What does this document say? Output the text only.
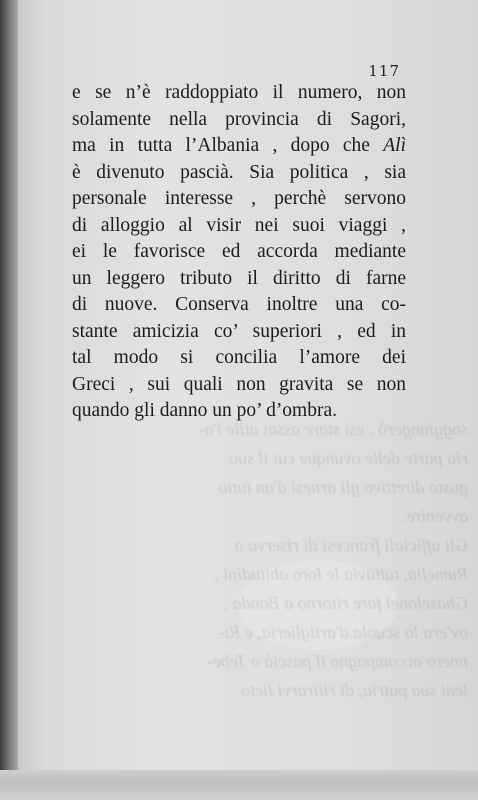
soggiungerò , esi stare assai utile l'a-
rla parte delle ovunque cui il suo
gusto direttivo gli arnesi d'un tutto
avvenire.
Gli ufficiali francesi di riserva a
Rumelia, tuttavia le loro abitudini ,
Ghaselonel fare ritorno a Bonda ,
ov'era lo scuola d'artiglieria, e Ri-
nnero accompagno il pascià a Tebe-
leni sua patria, di ritirarvi lieto
117
e se n’è raddoppiato il numero, non
solamente nella provincia di Sagori,
ma in tutta l’Albania , dopo che Alì
è divenuto pascià. Sia politica , sia
personale interesse , perchè servono
di alloggio al visir nei suoi viaggi ,
ei le favorisce ed accorda mediante
un leggero tributo il diritto di farne
di nuove. Conserva inoltre una co-
stante amicizia co’ superiori , ed in
tal modo si concilia l’amore dei
Greci , sui quali non gravita se non
quando gli danno un po’ d’ombra.
